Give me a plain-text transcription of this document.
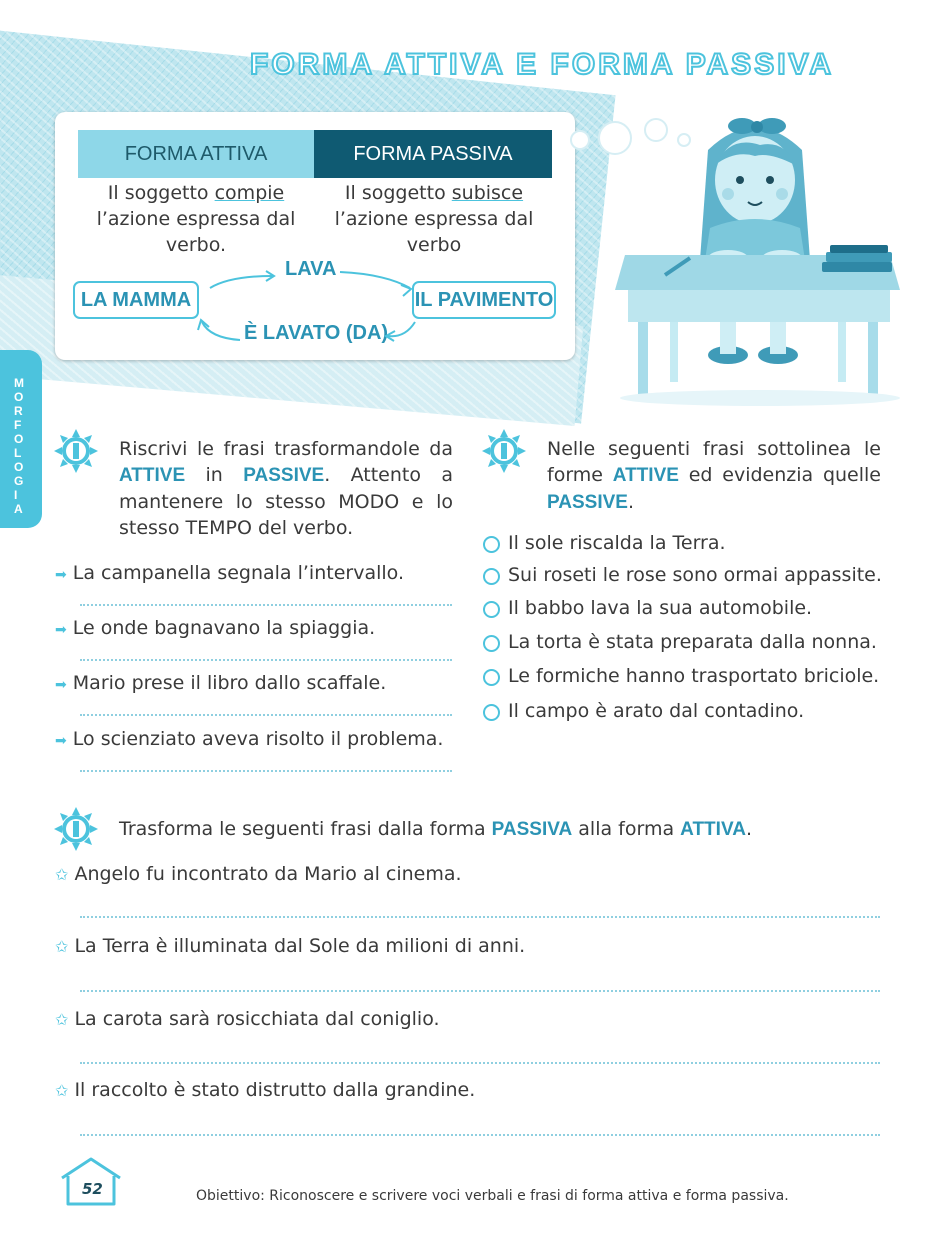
FORMA ATTIVA E FORMA PASSIVA
FORMA ATTIVA	FORMA PASSIVA
Il soggetto compie l’azione espressa dal verbo.
Il soggetto subisce l’azione espressa dal verbo
LA MAMMA	IL PAVIMENTO
LAVA
È LAVATO (DA)
M
O
R
F
O
L
O
G
I
A
Riscrivi le frasi trasformandole da ATTIVE in PASSIVE. Attento a mantenere lo stesso MODO e lo stesso TEMPO del verbo.
➡ La campanella segnala l’intervallo.
➡ Le onde bagnavano la spiaggia.
➡ Mario prese il libro dallo scaffale.
➡ Lo scienziato aveva risolto il problema.
Nelle seguenti frasi sottolinea le forme ATTIVE ed evidenzia quelle PASSIVE.
Il sole riscalda la Terra.
Sui roseti le rose sono ormai appassite.
Il babbo lava la sua automobile.
La torta è stata preparata dalla nonna.
Le formiche hanno trasportato briciole.
Il campo è arato dal contadino.
Trasforma le seguenti frasi dalla forma PASSIVA alla forma ATTIVA.
✩ Angelo fu incontrato da Mario al cinema.
✩ La Terra è illuminata dal Sole da milioni di anni.
✩ La carota sarà rosicchiata dal coniglio.
✩ Il raccolto è stato distrutto dalla grandine.
52	Obiettivo: Riconoscere e scrivere voci verbali e frasi di forma attiva e forma passiva.
